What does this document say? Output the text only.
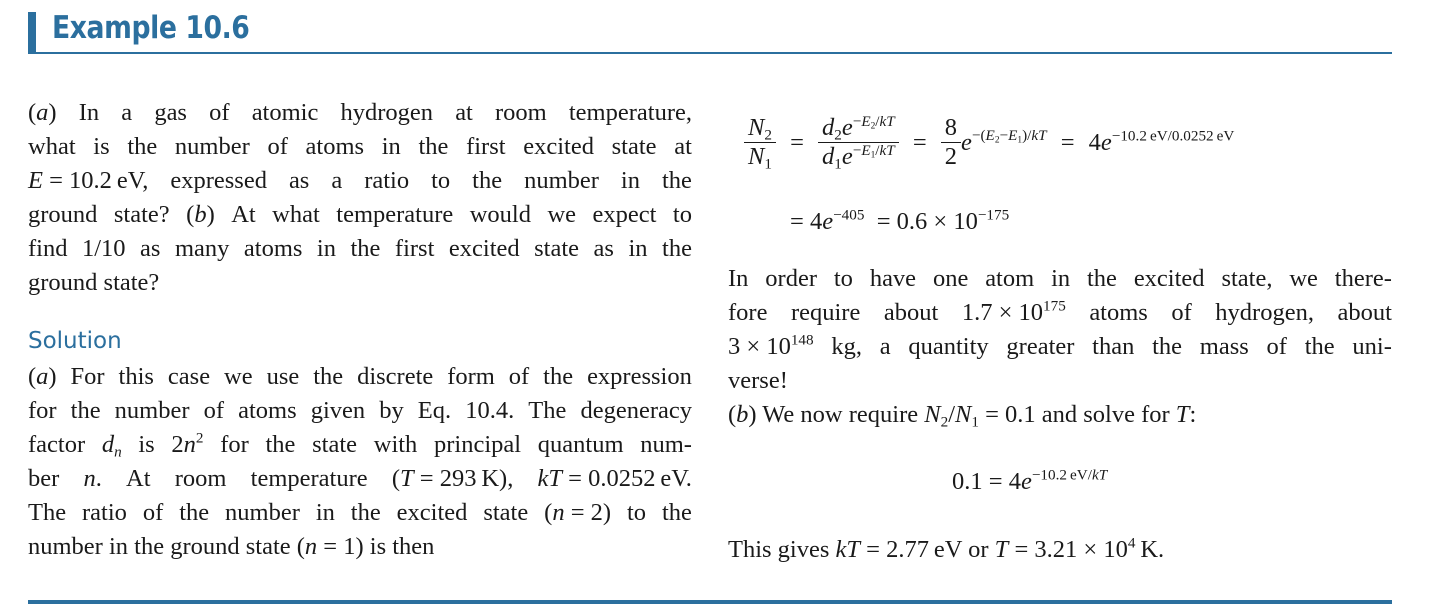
Example 10.6
(a) In a gas of atomic hydrogen at room temperature,
what is the number of atoms in the first excited state at
E = 10.2 eV, expressed as a ratio to the number in the
ground state? (b) At what temperature would we expect to
find 1/10 as many atoms in the first excited state as in the
ground state?
Solution
(a) For this case we use the discrete form of the expression
for the number of atoms given by Eq. 10.4. The degeneracy
factor $d_n$ is $2n^2$ for the state with principal quantum num-
ber n. At room temperature (T = 293 K), kT = 0.0252 eV.
The ratio of the number in the excited state (n = 2) to the
number in the ground state (n = 1) is then
$\frac{N_2}{N_1} = \frac{d_2e^{-E_2/kT}}{d_1e^{-E_1/kT}} = \frac{8}{2} e^{-(E_2-E_1)/kT} = 4e^{-10.2 eV/0.0252 eV}$
= $4e^{-405} = 0.6 \times 10^{-175}$
In order to have one atom in the excited state, we there-
fore require about $1.7 \times 10^{175}$ atoms of hydrogen, about
$3 \times 10^{148}$ kg, a quantity greater than the mass of the uni-
verse!
(b) We now require $N_2/N_1 = 0.1$ and solve for T:
$0.1 = 4e^{-10.2 eV/kT}$
This gives kT = 2.77 eV or $T = 3.21 \times 10^4$ K.
